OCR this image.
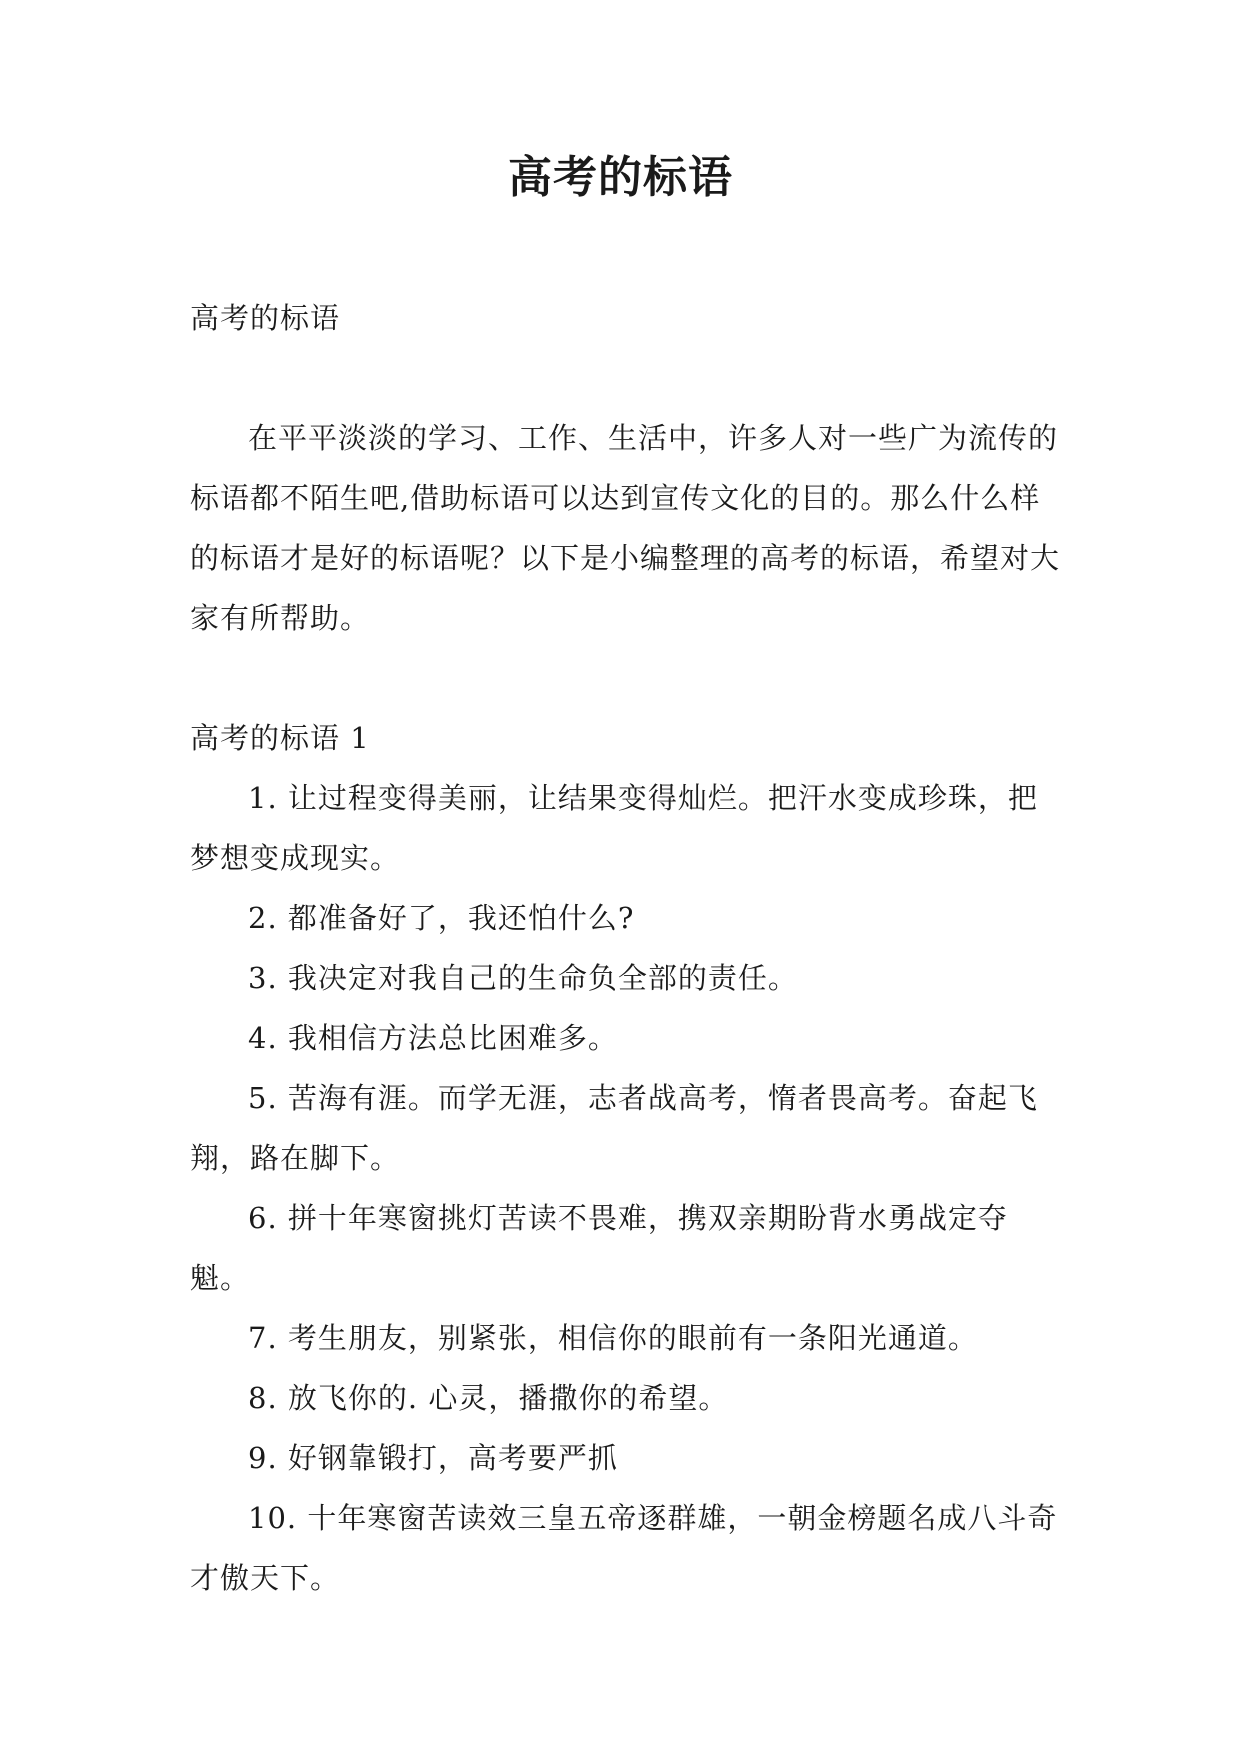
高考的标语

高考的标语

在平平淡淡的学习、工作、生活中，许多人对一些广为流传的标语都不陌生吧,借助标语可以达到宣传文化的目的。那么什么样的标语才是好的标语呢？以下是小编整理的高考的标语，希望对大家有所帮助。

高考的标语 1

1. 让过程变得美丽，让结果变得灿烂。把汗水变成珍珠，把梦想变成现实。

2. 都准备好了，我还怕什么?

3. 我决定对我自己的生命负全部的责任。

4. 我相信方法总比困难多。

5. 苦海有涯。而学无涯，志者战高考，惰者畏高考。奋起飞翔，路在脚下。

6. 拼十年寒窗挑灯苦读不畏难，携双亲期盼背水勇战定夺魁。

7. 考生朋友，别紧张，相信你的眼前有一条阳光通道。

8. 放飞你的. 心灵，播撒你的希望。

9. 好钢靠锻打，高考要严抓

10. 十年寒窗苦读效三皇五帝逐群雄，一朝金榜题名成八斗奇才傲天下。
